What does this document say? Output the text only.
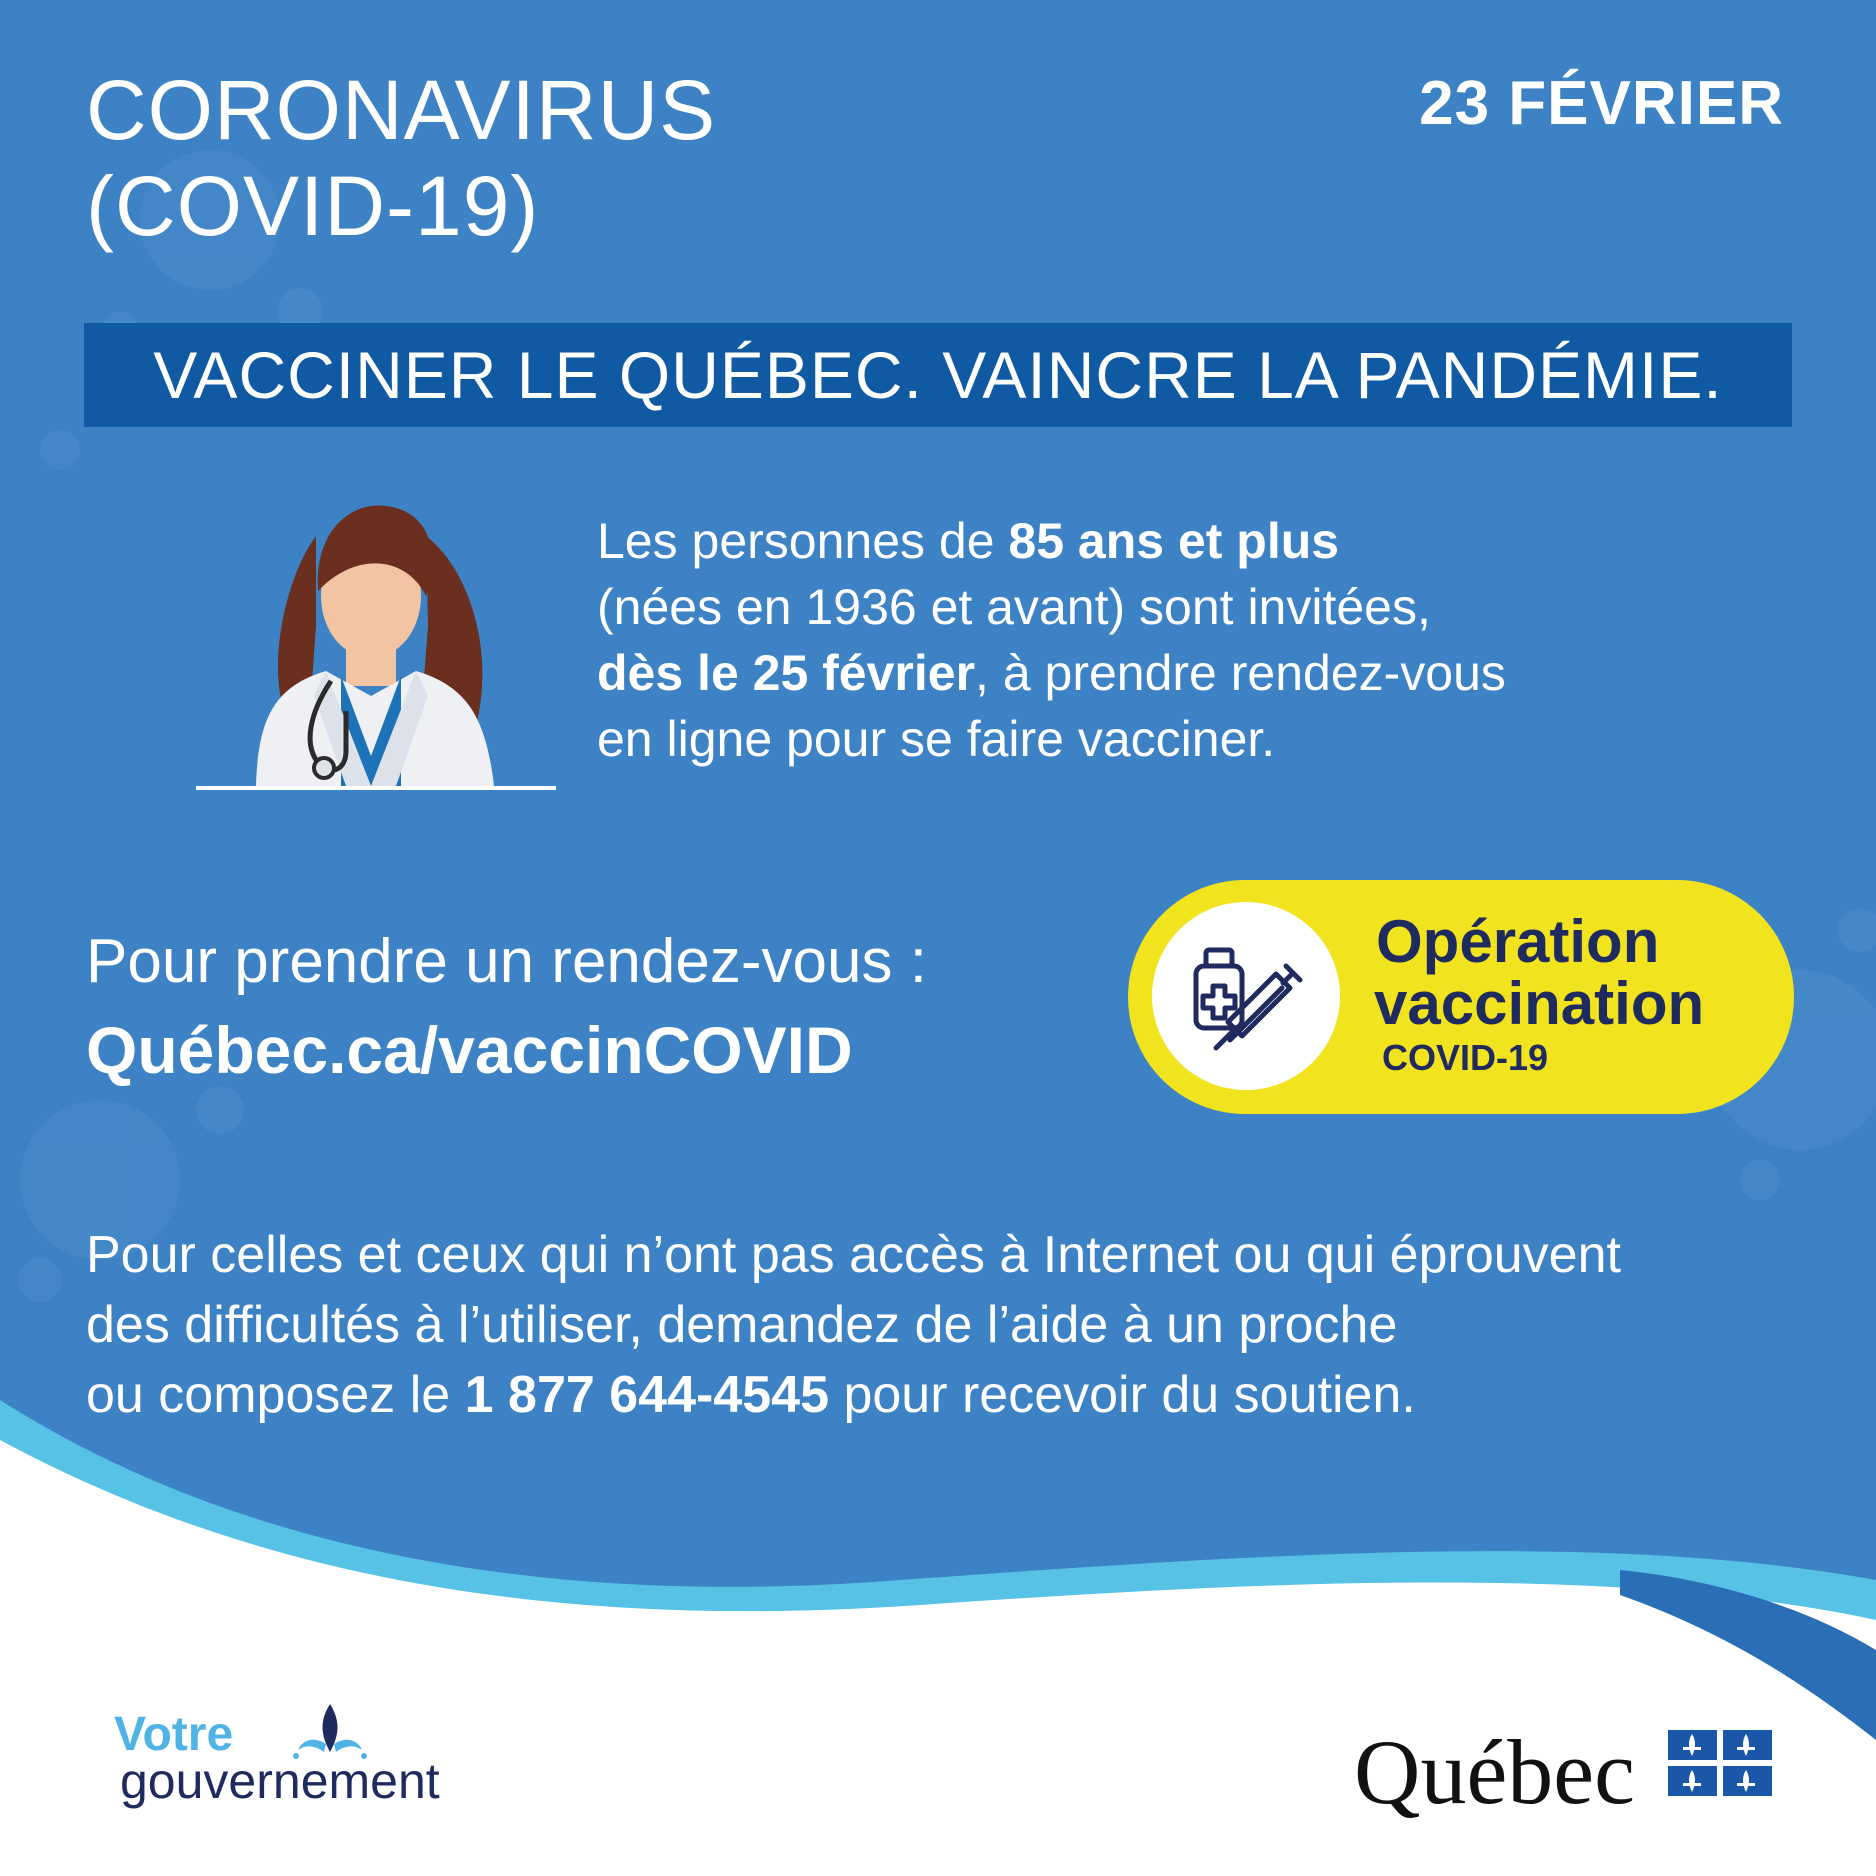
CORONAVIRUS
(COVID-19)
23 FÉVRIER
VACCINER LE QUÉBEC. VAINCRE LA PANDÉMIE.
Les personnes de 85 ans et plus
(nées en 1936 et avant) sont invitées,
dès le 25 février, à prendre rendez-vous
en ligne pour se faire vacciner.
Pour prendre un rendez-vous :
Québec.ca/vaccinCOVID
Opération
vaccination
COVID-19
Pour celles et ceux qui n’ont pas accès à Internet ou qui éprouvent
des difficultés à l’utiliser, demandez de l’aide à un proche
ou composez le 1 877 644-4545 pour recevoir du soutien.
Votre
gouvernement	Québec
